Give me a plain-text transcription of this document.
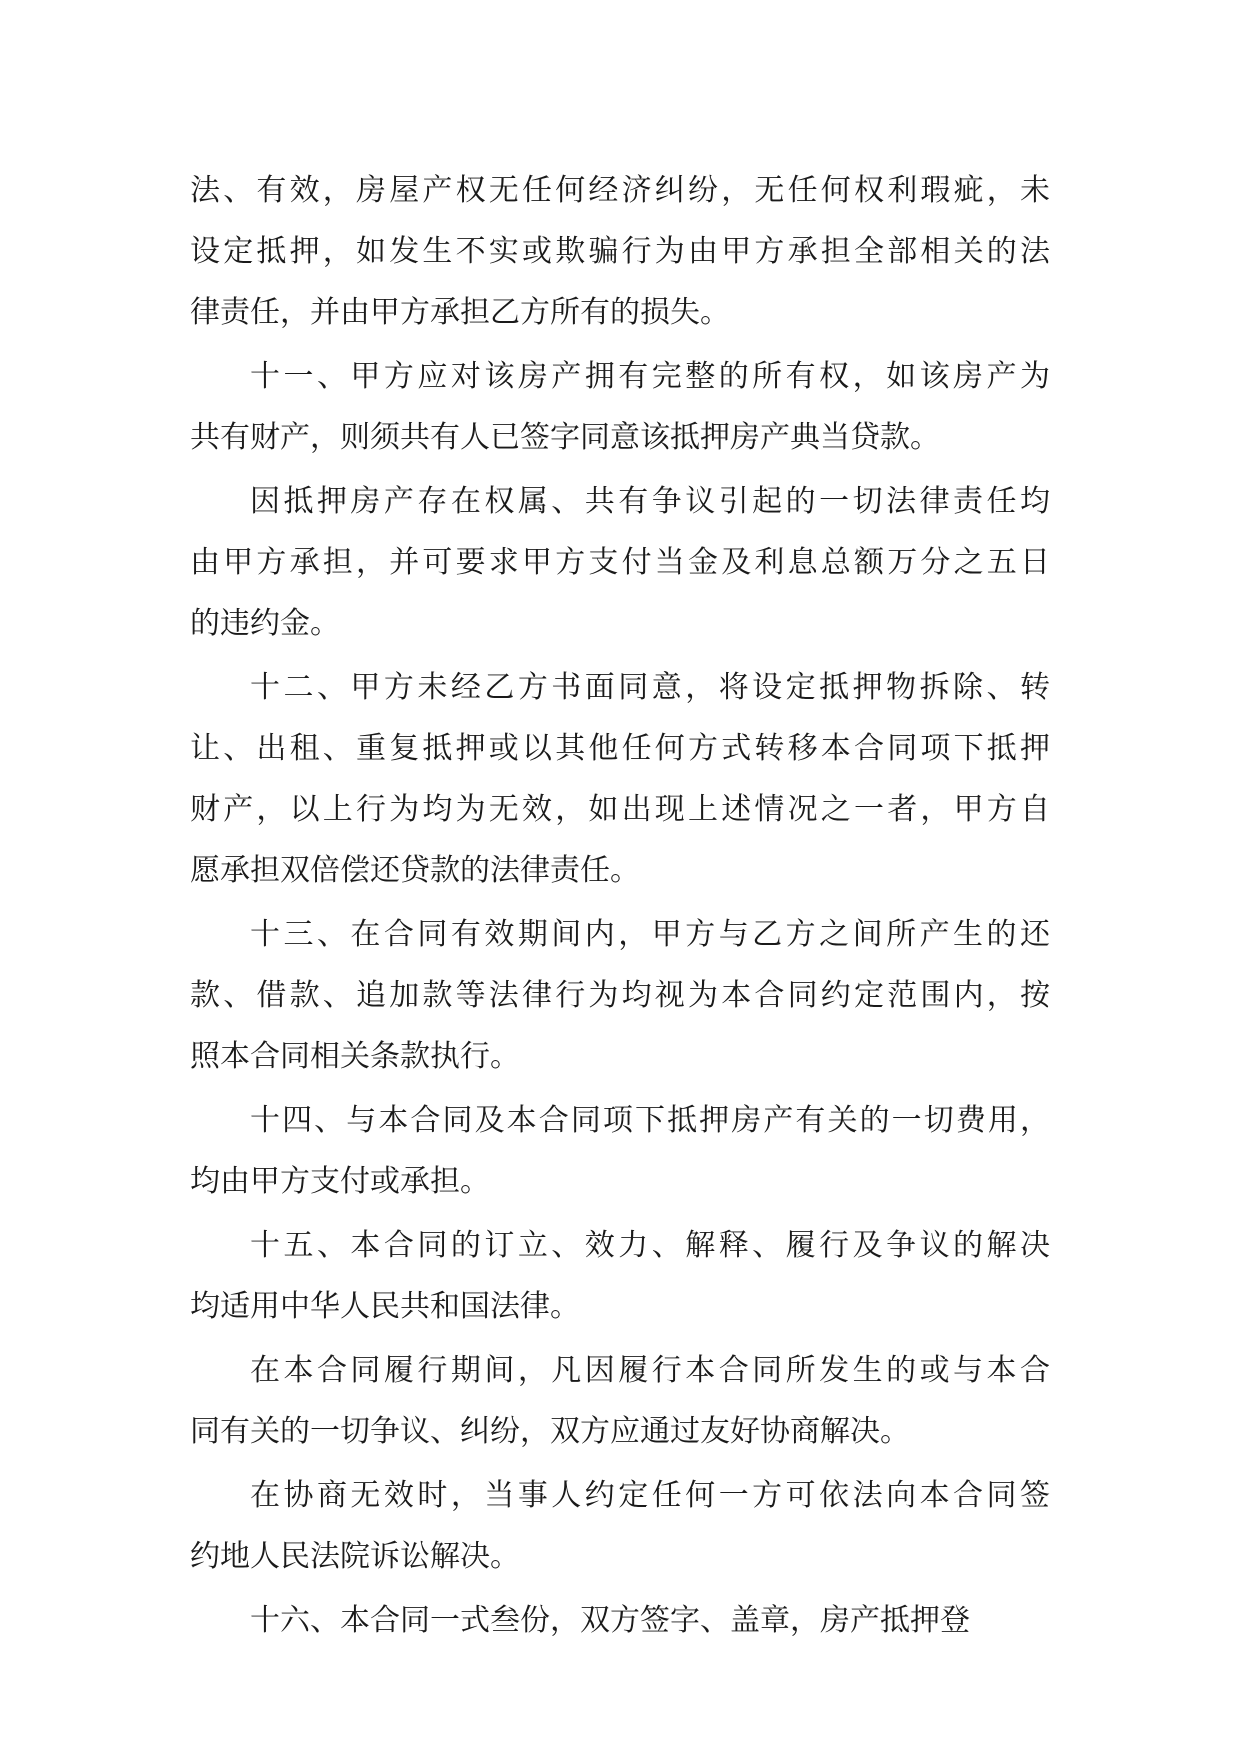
法、有效，房屋产权无任何经济纠纷，无任何权利瑕疵，未
设定抵押，如发生不实或欺骗行为由甲方承担全部相关的法
律责任，并由甲方承担乙方所有的损失。
十一、甲方应对该房产拥有完整的所有权，如该房产为
共有财产，则须共有人已签字同意该抵押房产典当贷款。
因抵押房产存在权属、共有争议引起的一切法律责任均
由甲方承担，并可要求甲方支付当金及利息总额万分之五日
的违约金。
十二、甲方未经乙方书面同意，将设定抵押物拆除、转
让、出租、重复抵押或以其他任何方式转移本合同项下抵押
财产，以上行为均为无效，如出现上述情况之一者，甲方自
愿承担双倍偿还贷款的法律责任。
十三、在合同有效期间内，甲方与乙方之间所产生的还
款、借款、追加款等法律行为均视为本合同约定范围内，按
照本合同相关条款执行。
十四、与本合同及本合同项下抵押房产有关的一切费用，
均由甲方支付或承担。
十五、本合同的订立、效力、解释、履行及争议的解决
均适用中华人民共和国法律。
在本合同履行期间，凡因履行本合同所发生的或与本合
同有关的一切争议、纠纷，双方应通过友好协商解决。
在协商无效时，当事人约定任何一方可依法向本合同签
约地人民法院诉讼解决。
十六、本合同一式叁份，双方签字、盖章，房产抵押登
